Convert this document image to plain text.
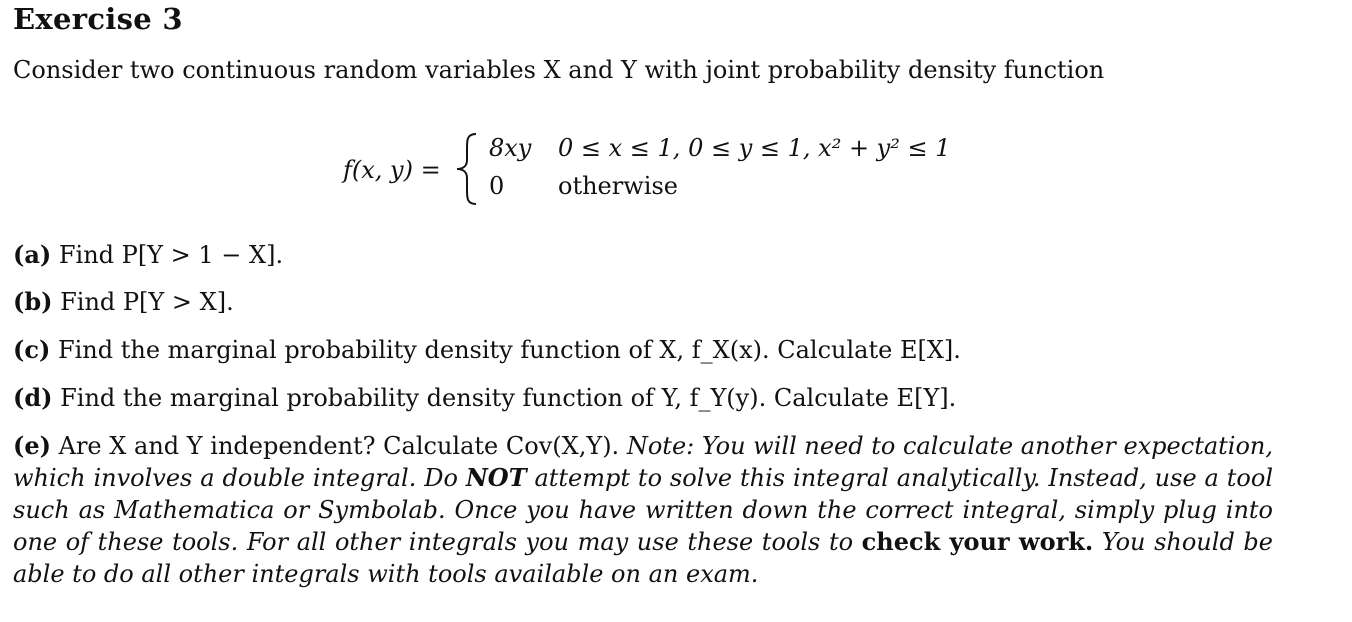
Exercise 3
Consider two continuous random variables X and Y with joint probability density function
f(x, y) =
8xy 0 ≤ x ≤ 1, 0 ≤ y ≤ 1, x² + y² ≤ 1
0 otherwise
(a) Find P[Y > 1 − X].
(b) Find P[Y > X].
(c) Find the marginal probability density function of X, f_X(x). Calculate E[X].
(d) Find the marginal probability density function of Y, f_Y(y). Calculate E[Y].
(e) Are X and Y independent? Calculate Cov(X,Y). Note: You will need to calculate another expectation, which involves a double integral. Do NOT attempt to solve this integral analytically. Instead, use a tool such as Mathematica or Symbolab. Once you have written down the correct integral, simply plug into one of these tools. For all other integrals you may use these tools to check your work. You should be able to do all other integrals with tools available on an exam.
